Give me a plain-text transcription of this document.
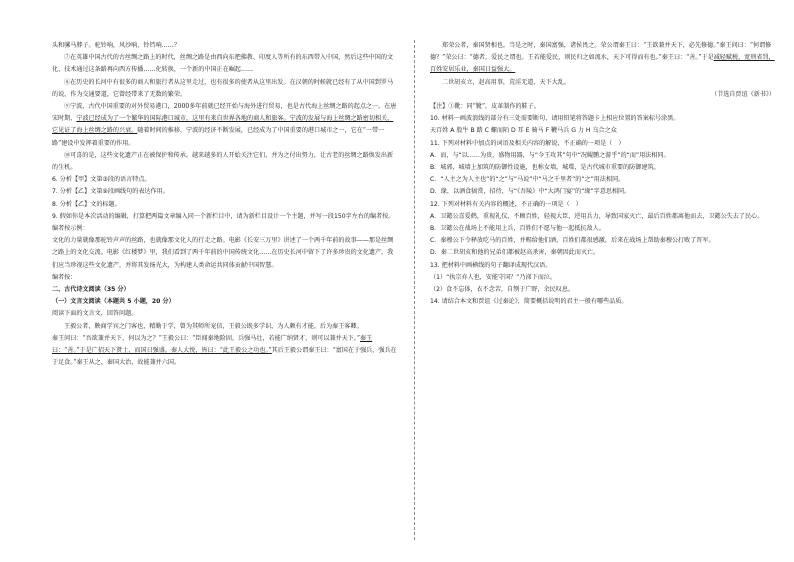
头和骡马脖子。驼铃响，风沙响，铃铛响……？

⑦在英雄中国古代的古丝绸之路上的时代，丝绸之路是由西向东把佛教、印度人等所有的东西带入中国，然后这些中国的文化、技术通过这条路再向西方传播……化转换，一个新的中国正在崛起……

⑧在历史的长河中有很多的商人和旅行者从这里走过，也有很多的使者从这里出发。在汉朝的时候就已经有了从中国到罗马的说，作为交通要道，它曾经带来了无数的繁荣。

⑨宁波，古代中国重要的对外贸易港口，2000多年前就已经开始与海外进行贸易，也是古代海上丝绸之路的起点之一。在唐宋时期，宁波已经成为了一个繁华的国际港口城市，这里有来自世界各地的商人和旅客。宁波的发展与海上丝绸之路密切相关，它见证了海上丝绸之路的兴衰。随着时间的推移，宁波的经济不断发展，已经成为了中国重要的港口城市之一，它在“一带一路”建设中发挥着重要的作用。

⑩可喜的是，这些文化遗产正在被保护和传承。越来越多的人开始关注它们，并为之付出努力，让古老的丝绸之路焕发出新的生机。

6. 分析【甲】文第③段的语言特点。

7. 分析【乙】文第⑨段画线句的表达作用。

8. 分析【乙】文的标题。

9. 假如你是本次活动的编辑，打算把两篇文章编入同一个新栏目中，请为新栏目设计一个主题，并写一段150字左右的编者按。

编者按示例：

文化的力量就像那驼铃声声的丝路，也就像那文化人的行走之路。电影《长安三万里》讲述了一个两千年前的故事——那是丝绸之路上的文化交流。电影《红楼梦》里，我们看到了两千年前的中国传统文化……在历史长河中留下了许多珍贵的文化遗产，我们应当珍视这些文化遗产，并将其发扬光大，为构建人类命运共同体贡献中国智慧。

编者按：

二、古代诗文阅读（35 分）

（一）文言文阅读（本题共 5 小题，20 分）

阅读下面的文言文，回答问题。

王毅公者，鞅商学宾之门客也，精勤于学，曾为其师所宠信，王毅公既多学识，为人颇有才能，后为秦王客卿。

秦王问曰：“吾欲兼并天下，何以为之？”王毅公曰：“臣闻秦地险固，兵强马壮，若能广纳贤才，则可以兼并天下。”秦王曰：“善。”于是广招天下贤士，而国日强盛。秦人大悦，皆曰：“此王毅公之功也。”其后王毅公谓秦王曰：“富国在于强兵，强兵在于足食。”秦王从之，秦国大治，故能兼并六国。

郑荣公者，秦国贤相也。当是之时，秦国富强，诸侯畏之。荣公谓秦王曰：“王欲兼并天下，必先修德。”秦王问曰：“何谓修德？”荣公曰：“德者，爱民之谓也。王若能爱民，则民归之如流水，天下可得而有也。”秦王曰：“善。”于是减轻赋税，宽刑省罚，百姓安居乐业，秦国日益强大。

二世胡亥立，赵高用事，荒淫无道，天下大乱。

（节选自贾谊《新书》）

【注】①靴：同“靴”，皮革制作的鞋子。

10. 材料一画波浪线的部分有三处需要断句，请用铅笔将答题卡上相应位置的答案标号涂黑。

天百姓 A 股牛 B 踏 C 螺而陌 D 耳 E 骑马 F 鞭马兵 G 力 H 乌合之众

11. 下列对材料中加点的词语及相关内容的解说，不正确的一项是（　）

A．而，与“以……为贵，盛物用器，与“今王攻其”句中“况鲲鹏之游乎”的“而”用法相同。

B．城郭，城墙上加筑的防御性设施，也称女墙，城堞，是古代城市重要的防御建筑。

C．“人主之为人主也”的“之”与“马说”中“马之千里者”的“之”用法相同。

D．缘，以酒食犒赏，招待，与“《吾陵》中“大鸿门宴”的“缘”字意思相同。

12. 下列对材料有关内容的概述，不正确的一项是（　）

A．卫懿公喜爱鹤，重视礼仪，不顾百姓，轻视大臣，逆用兵力，导致国家灭亡，最后百姓都离他而去，卫懿公失去了民心。

B．卫懿公在战场上不能用上兵，百姓们不愿与他一起抵抗敌人。

C．秦穆公下令释放吃马的百姓，并赐给他们酒，百姓们都很感激，后来在战场上帮助秦穆公打败了晋军。

D．秦二世胡亥和他的兄弟们都被赵高杀害，秦朝因此而灭亡。

13. 把材料中画横线的句子翻译成现代汉语。

（1）“执宗弃人也，安能守国？”乃涕下而泣。

（2）食不忘体，衣不念苦，自刎于广野，余民叹息。

14. 请结合本文和贾谊《过秦论》，简要概括说明的君主一般有哪些品质。
